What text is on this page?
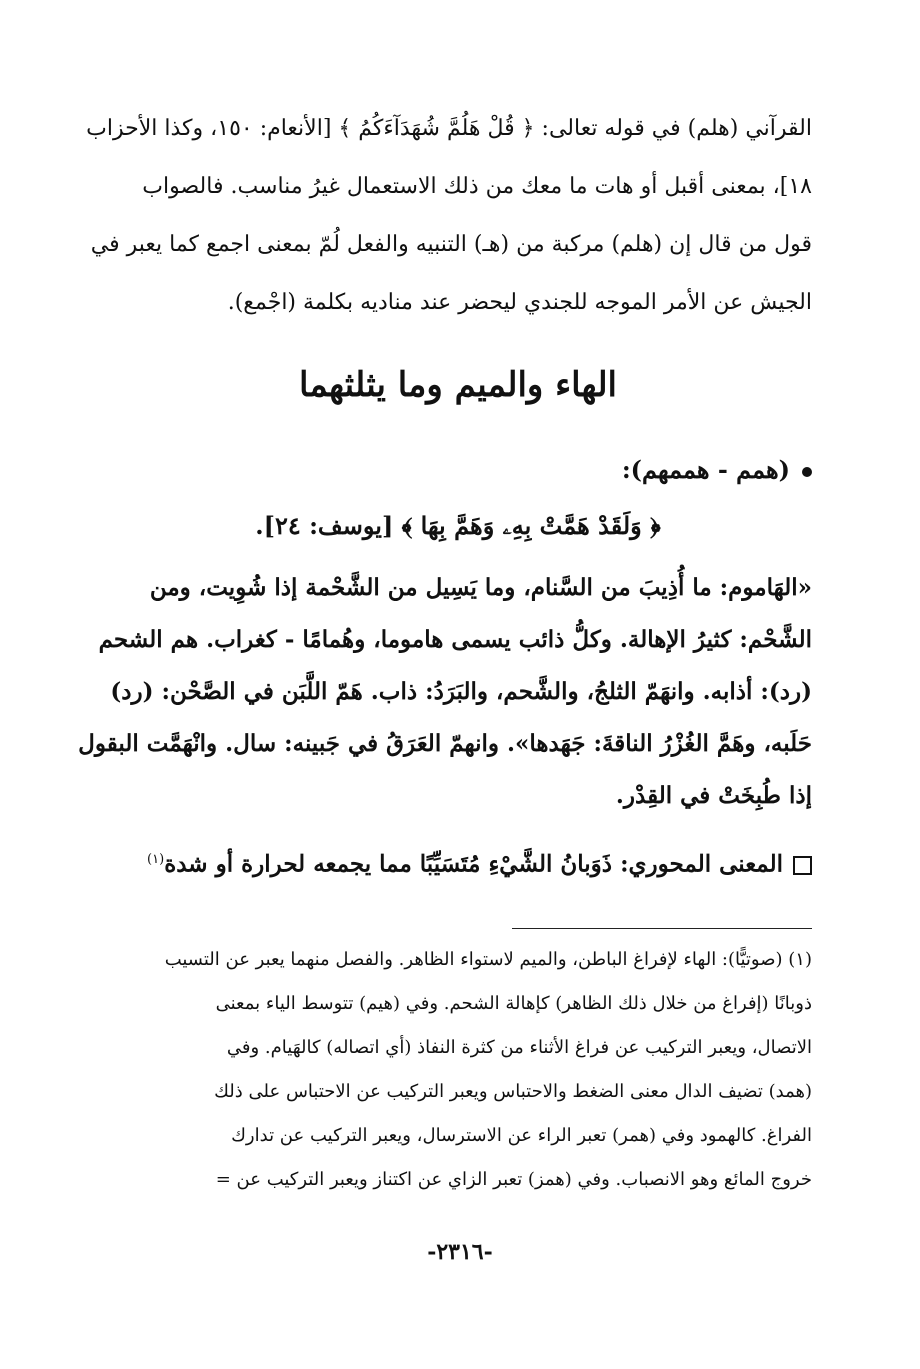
القرآني (هلم) في قوله تعالى: ﴿ قُلْ هَلُمَّ شُهَدَآءَكُمُ ﴾ [الأنعام: ١٥٠، وكذا الأحزاب
١٨]، بمعنى أقبل أو هات ما معك من ذلك الاستعمال غيرُ مناسب. فالصواب
قول من قال إن (هلم) مركبة من (هـ) التنبيه والفعل لُمّ بمعنى اجمع كما يعبر في
الجيش عن الأمر الموجه للجندي ليحضر عند مناديه بكلمة (اجْمع).
الهاء والميم وما يثلثهما
(همم - هممهم):
﴿ وَلَقَدْ هَمَّتْ بِهِۦ وَهَمَّ بِهَا ﴾ [يوسف: ٢٤].
«الهَاموم: ما أُذِيبَ من السَّنام، وما يَسِيل من الشَّحْمة إذا شُوِيت، ومن
الشَّحْم: كثيرُ الإهالة. وكلُّ ذائب يسمى هاموما، وهُمامًا - كغراب. هم الشحم
(رد): أذابه. وانهَمّ الثلجُ، والشَّحم، والبَرَدُ: ذاب. هَمّ اللَّبَن في الصَّحْن: (رد)
حَلَبه، وهَمَّ الغُزْرُ الناقةَ: جَهَدها». وانهمّ العَرَقُ في جَبينه: سال. وانْهَمَّت البقول
إذا طُبِخَتْ في القِدْر.
المعنى المحوري: ذَوَبانُ الشَّيْءِ مُتَسَيِّبًا مما يجمعه لحرارة أو شدة$^{(١)}$
(١) (صوتيًّا): الهاء لإفراغ الباطن، والميم لاستواء الظاهر. والفصل منهما يعبر عن التسيب
ذوبانًا (إفراغ من خلال ذلك الظاهر) كإهالة الشحم. وفي (هيم) تتوسط الياء بمعنى
الاتصال، ويعبر التركيب عن فراغ الأثناء من كثرة النفاذ (أي اتصاله) كالهَيام. وفي
(همد) تضيف الدال معنى الضغط والاحتباس ويعبر التركيب عن الاحتباس على ذلك
الفراغ. كالهمود وفي (همر) تعبر الراء عن الاسترسال، ويعبر التركيب عن تدارك
خروج المائع وهو الانصباب. وفي (همز) تعبر الزاي عن اكتناز ويعبر التركيب عن =
-٢٣١٦-
